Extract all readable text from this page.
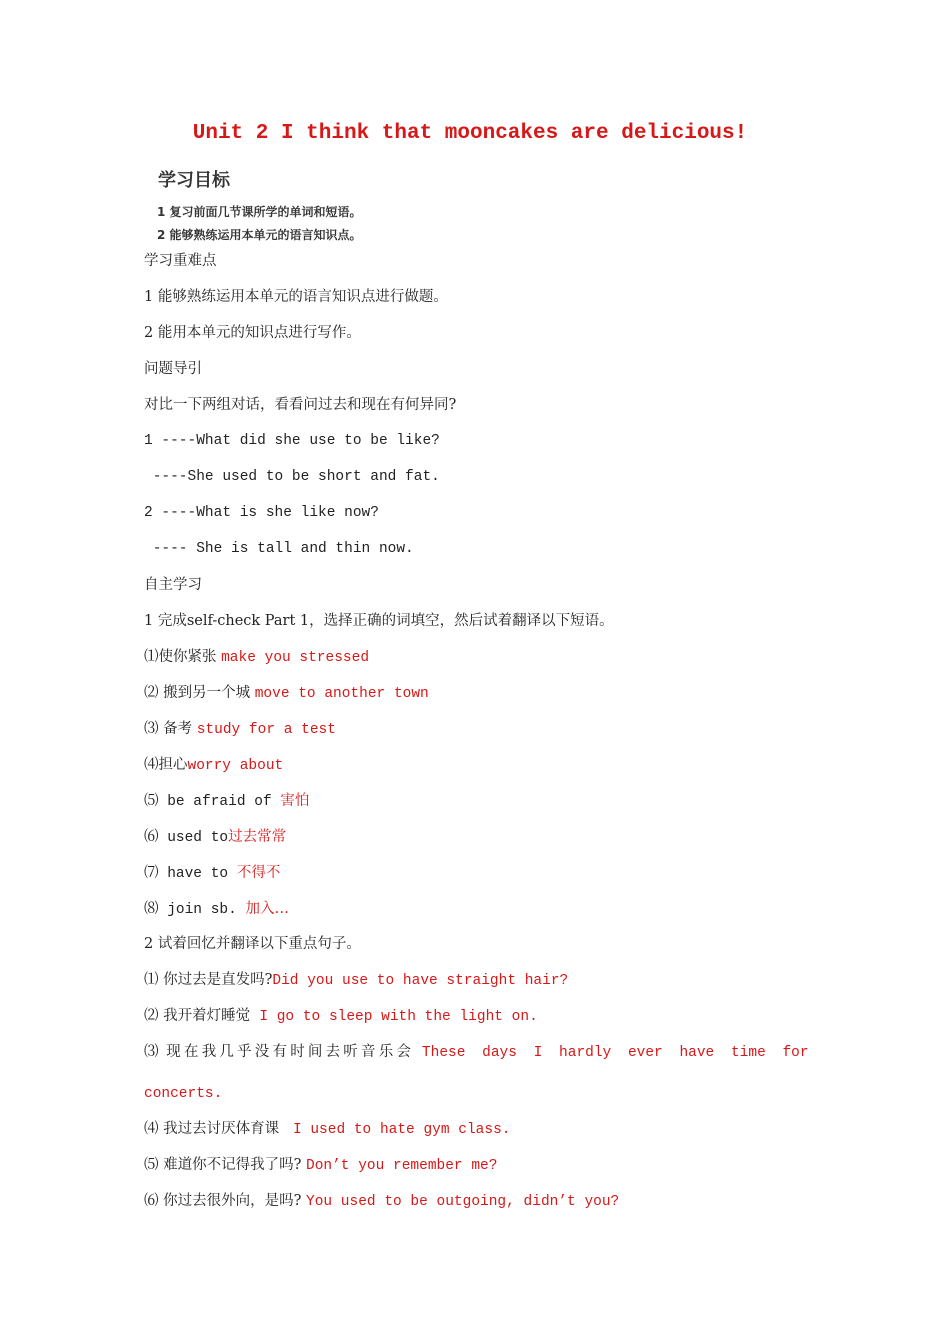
Unit 2 I think that mooncakes are delicious!
学习目标
1 复习前面几节课所学的单词和短语。
2 能够熟练运用本单元的语言知识点。
学习重难点
1 能够熟练运用本单元的语言知识点进行做题。
2 能用本单元的知识点进行写作。
问题导引
对比一下两组对话，看看问过去和现在有何异同?
1 ----What did she use to be like?
----She used to be short and fat.
2 ----What is she like now?
---- She is tall and thin now.
自主学习
1 完成self-check Part 1，选择正确的词填空，然后试着翻译以下短语。
⑴使你紧张 make you stressed
⑵ 搬到另一个城 move to another town
⑶ 备考 study for a test
⑷担心worry about
⑸ be afraid of 害怕
⑹ used to过去常常
⑺ have to 不得不
⑻ join sb. 加入…
2 试着回忆并翻译以下重点句子。
⑴ 你过去是直发吗?Did you use to have straight hair?
⑵ 我开着灯睡觉  I go to sleep with the light on.
⑶ 现在我几乎没有时间去听音乐会 These days I hardly ever have time for
concerts.
⑷ 我过去讨厌体育课   I used to hate gym class.
⑸ 难道你不记得我了吗? Don’t you remember me?
⑹ 你过去很外向，是吗? You used to be outgoing, didn’t you?
